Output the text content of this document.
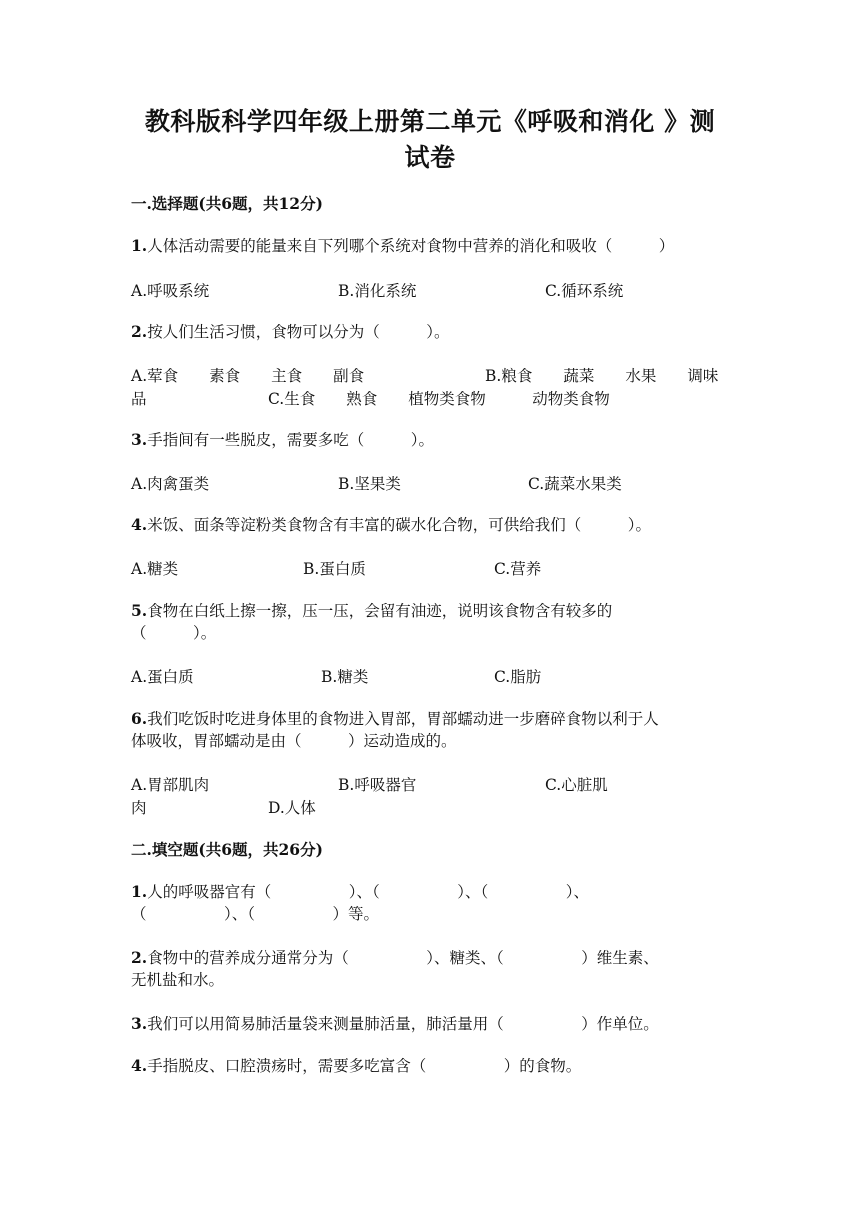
教科版科学四年级上册第二单元《呼吸和消化 》测
试卷
一.选择题(共6题，共12分)
1.人体活动需要的能量来自下列哪个系统对食物中营养的消化和吸收（　　　）
A.呼吸系统	B.消化系统	C.循环系统
2.按人们生活习惯，食物可以分为（　　　）。
A.荤食　　素食　　主食　　副食	B.粮食　　蔬菜　　水果　　调味
品	C.生食　　熟食　　植物类食物　　　动物类食物
3.手指间有一些脱皮，需要多吃（　　　）。
A.肉禽蛋类	B.坚果类	C.蔬菜水果类
4.米饭、面条等淀粉类食物含有丰富的碳水化合物，可供给我们（　　　）。
A.糖类	B.蛋白质	C.营养
5.食物在白纸上擦一擦，压一压，会留有油迹，说明该食物含有较多的
（　　　）。
A.蛋白质	B.糖类	C.脂肪
6.我们吃饭时吃进身体里的食物进入胃部，胃部蠕动进一步磨碎食物以利于人
体吸收，胃部蠕动是由（　　　）运动造成的。
A.胃部肌肉	B.呼吸器官	C.心脏肌
肉	D.人体
二.填空题(共6题，共26分)
1.人的呼吸器官有（　　　　　）、（　　　　　）、（　　　　　）、
（　　　　　）、（　　　　　）等。
2.食物中的营养成分通常分为（　　　　　）、糖类、（　　　　　）维生素、
无机盐和水。
3.我们可以用简易肺活量袋来测量肺活量，肺活量用（　　　　　）作单位。
4.手指脱皮、口腔溃疡时，需要多吃富含（　　　　　）的食物。
